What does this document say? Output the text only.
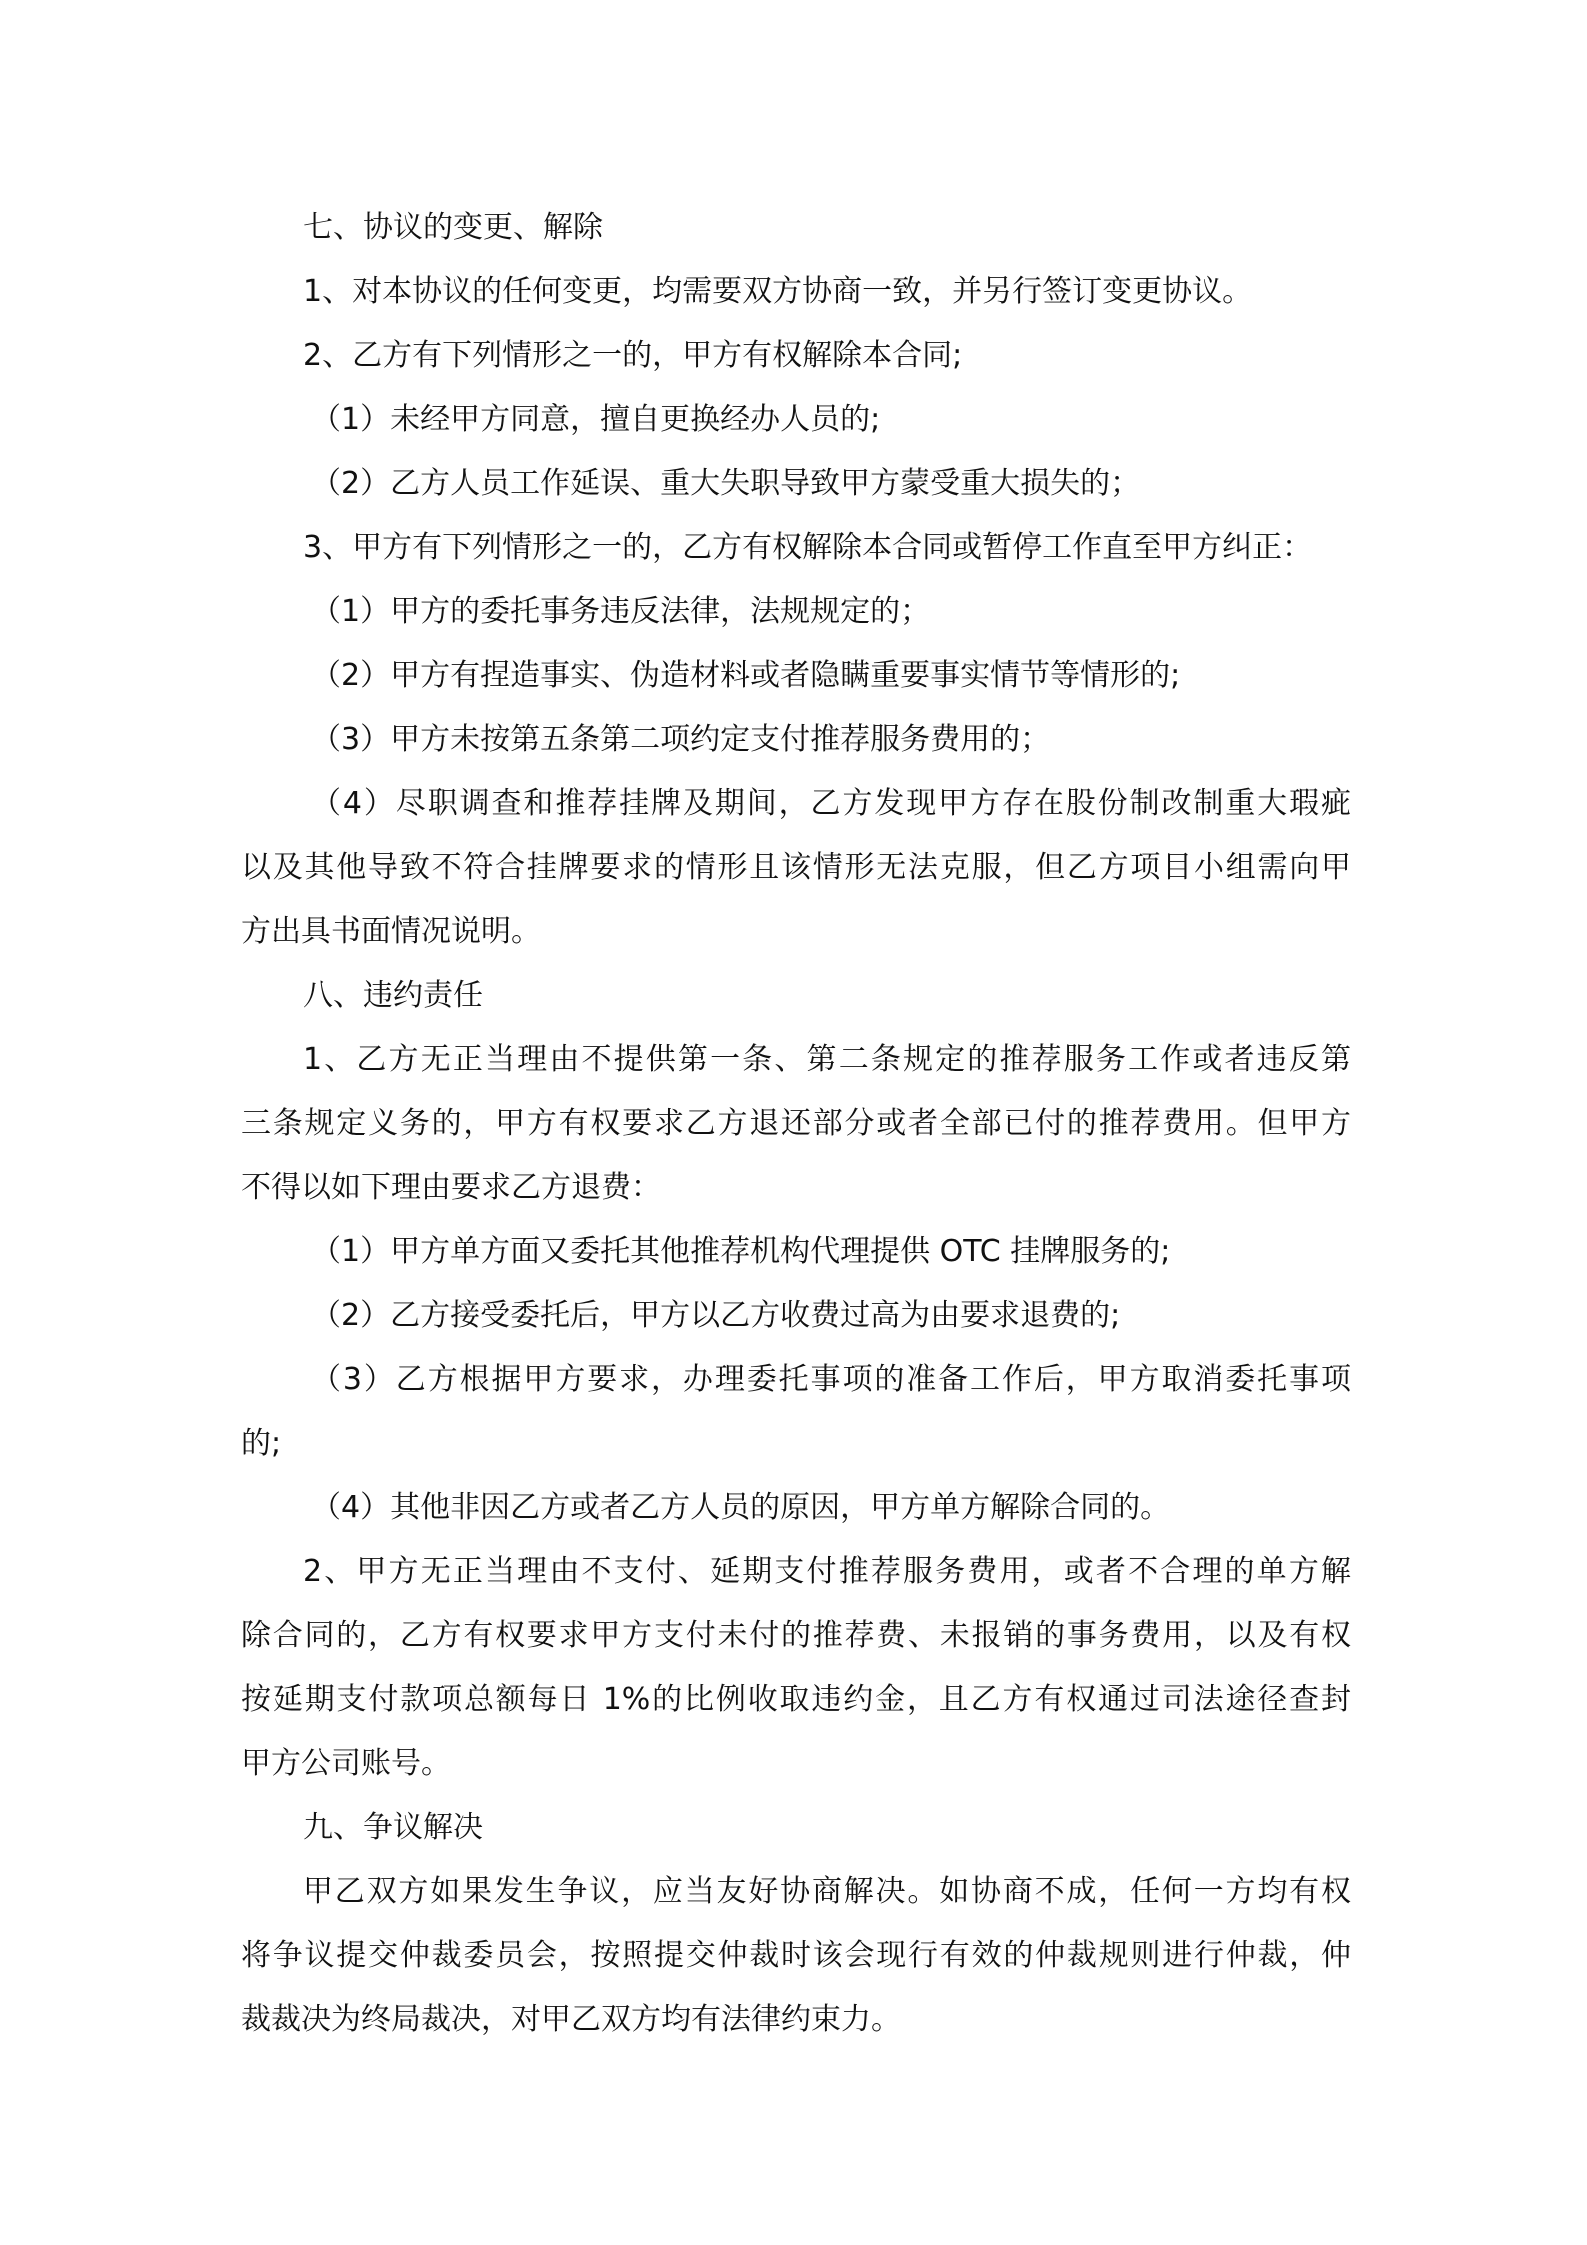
七、协议的变更、解除
1、对本协议的任何变更，均需要双方协商一致，并另行签订变更协议。
2、乙方有下列情形之一的，甲方有权解除本合同;
（1）未经甲方同意，擅自更换经办人员的;
（2）乙方人员工作延误、重大失职导致甲方蒙受重大损失的；
3、甲方有下列情形之一的，乙方有权解除本合同或暂停工作直至甲方纠正：
（1）甲方的委托事务违反法律，法规规定的；
（2）甲方有捏造事实、伪造材料或者隐瞒重要事实情节等情形的;
（3）甲方未按第五条第二项约定支付推荐服务费用的；
（4）尽职调查和推荐挂牌及期间，乙方发现甲方存在股份制改制重大瑕疵
以及其他导致不符合挂牌要求的情形且该情形无法克服，但乙方项目小组需向甲
方出具书面情况说明。
八、违约责任
1、乙方无正当理由不提供第一条、第二条规定的推荐服务工作或者违反第
三条规定义务的，甲方有权要求乙方退还部分或者全部已付的推荐费用。但甲方
不得以如下理由要求乙方退费：
（1）甲方单方面又委托其他推荐机构代理提供 OTC 挂牌服务的;
（2）乙方接受委托后，甲方以乙方收费过高为由要求退费的;
（3）乙方根据甲方要求，办理委托事项的准备工作后，甲方取消委托事项
的;
（4）其他非因乙方或者乙方人员的原因，甲方单方解除合同的。
2、甲方无正当理由不支付、延期支付推荐服务费用，或者不合理的单方解
除合同的，乙方有权要求甲方支付未付的推荐费、未报销的事务费用，以及有权
按延期支付款项总额每日 1%的比例收取违约金，且乙方有权通过司法途径查封
甲方公司账号。
九、争议解决
甲乙双方如果发生争议，应当友好协商解决。如协商不成，任何一方均有权
将争议提交仲裁委员会，按照提交仲裁时该会现行有效的仲裁规则进行仲裁，仲
裁裁决为终局裁决，对甲乙双方均有法律约束力。
